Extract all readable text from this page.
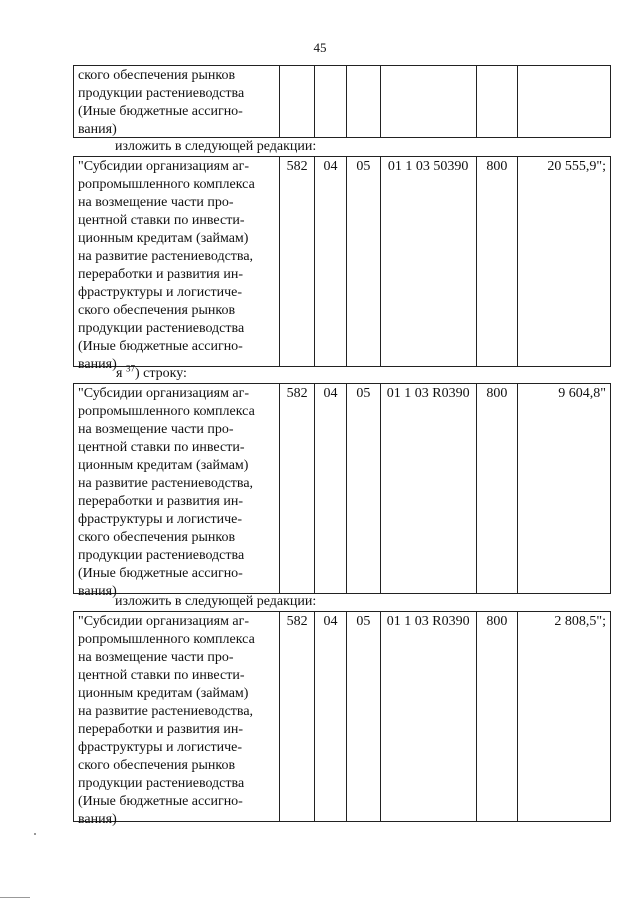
45
ского обеспечения рынков
продукции растениеводства
(Иные бюджетные ассигно-
вания)
изложить в следующей редакции:
"Субсидии организациям аг-
ропромышленного комплекса
на возмещение части про-
центной ставки по инвести-
ционным кредитам (займам)
на развитие растениеводства,
переработки и развития ин-
фраструктуры и логистиче-
ского обеспечения рынков
продукции растениеводства
(Иные бюджетные ассигно-
вания)
582	04	05	01 1 03 50390	800	20 555,9";
я $^{37}$) строку:
"Субсидии организациям аг-
ропромышленного комплекса
на возмещение части про-
центной ставки по инвести-
ционным кредитам (займам)
на развитие растениеводства,
переработки и развития ин-
фраструктуры и логистиче-
ского обеспечения рынков
продукции растениеводства
(Иные бюджетные ассигно-
вания)
582	04	05	01 1 03 R0390	800	9 604,8"
изложить в следующей редакции:
"Субсидии организациям аг-
ропромышленного комплекса
на возмещение части про-
центной ставки по инвести-
ционным кредитам (займам)
на развитие растениеводства,
переработки и развития ин-
фраструктуры и логистиче-
ского обеспечения рынков
продукции растениеводства
(Иные бюджетные ассигно-
вания)
582	04	05	01 1 03 R0390	800	2 808,5";
